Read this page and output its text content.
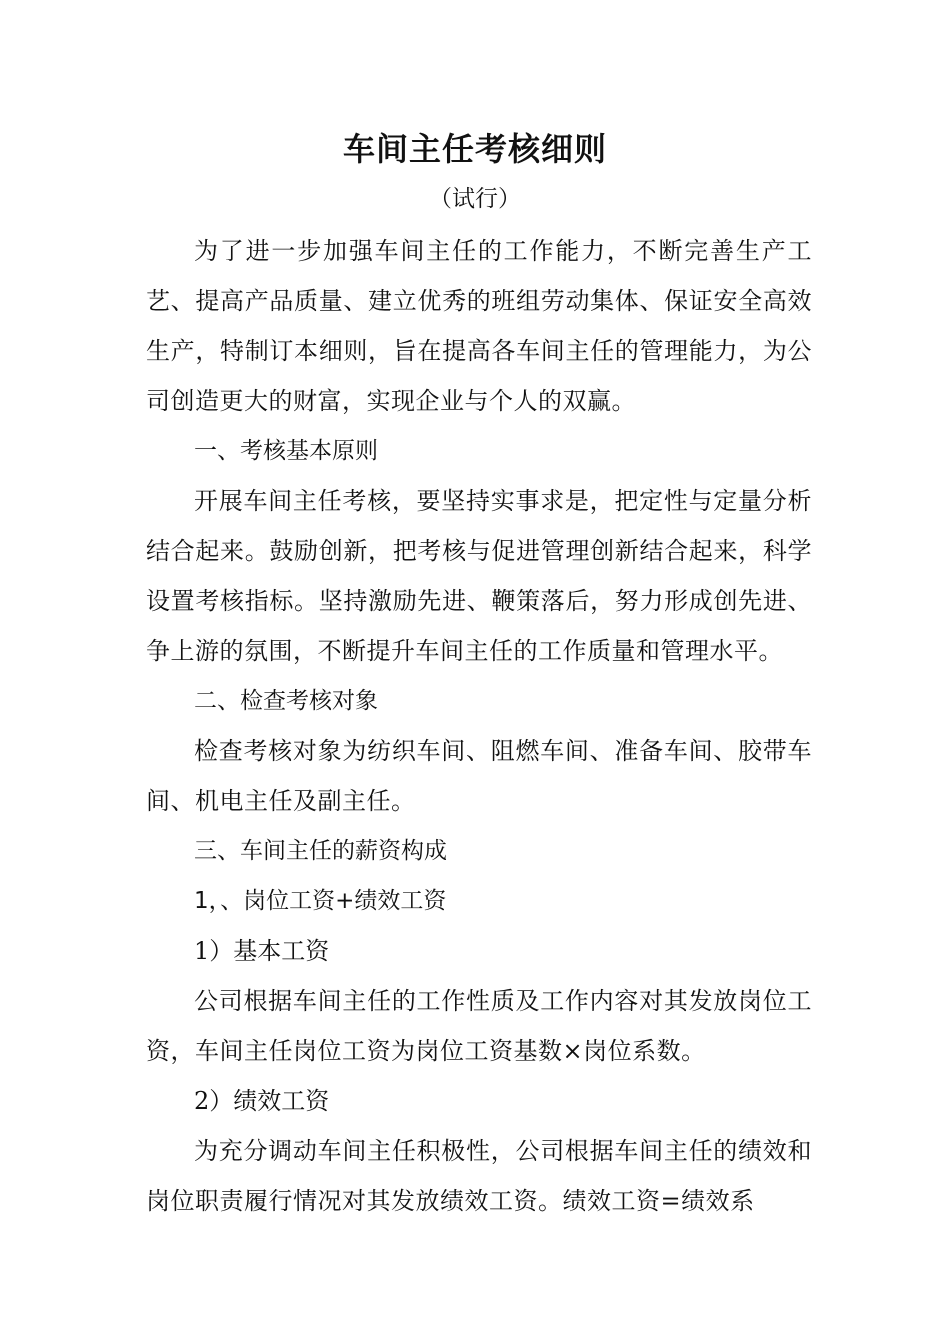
车间主任考核细则
（试行）

为了进一步加强车间主任的工作能力，不断完善生产工艺、提高产品质量、建立优秀的班组劳动集体、保证安全高效生产，特制订本细则，旨在提高各车间主任的管理能力，为公司创造更大的财富，实现企业与个人的双赢。

一、考核基本原则

开展车间主任考核，要坚持实事求是，把定性与定量分析结合起来。鼓励创新，把考核与促进管理创新结合起来，科学设置考核指标。坚持激励先进、鞭策落后，努力形成创先进、争上游的氛围，不断提升车间主任的工作质量和管理水平。

二、检查考核对象

检查考核对象为纺织车间、阻燃车间、准备车间、胶带车间、机电主任及副主任。

三、车间主任的薪资构成

1，、岗位工资+绩效工资

1）基本工资

公司根据车间主任的工作性质及工作内容对其发放岗位工资，车间主任岗位工资为岗位工资基数×岗位系数。

2）绩效工资

为充分调动车间主任积极性，公司根据车间主任的绩效和岗位职责履行情况对其发放绩效工资。绩效工资=绩效系
